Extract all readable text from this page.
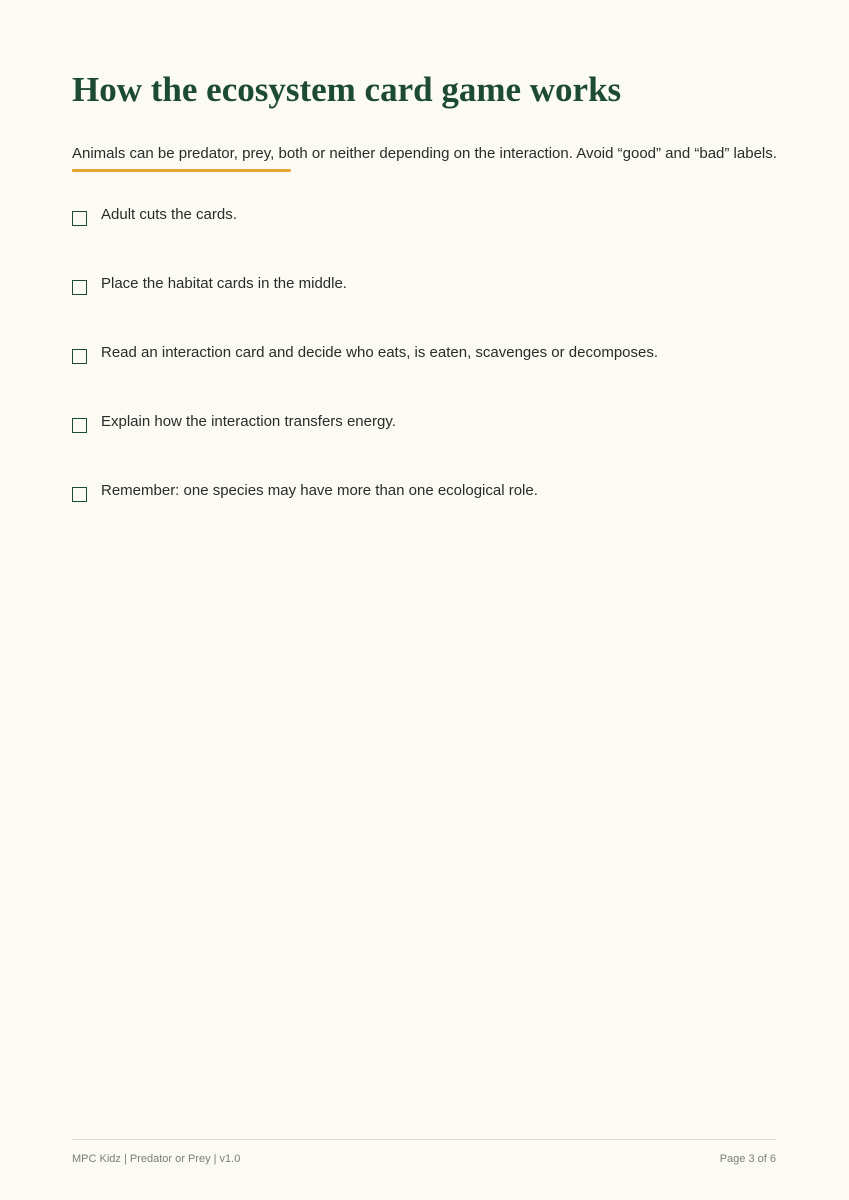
How the ecosystem card game works

Animals can be predator, prey, both or neither depending on the interaction. Avoid “good” and “bad” labels.

Adult cuts the cards.
Place the habitat cards in the middle.
Read an interaction card and decide who eats, is eaten, scavenges or decomposes.
Explain how the interaction transfers energy.
Remember: one species may have more than one ecological role.
MPC Kidz | Predator or Prey | v1.0	Page 3 of 6
